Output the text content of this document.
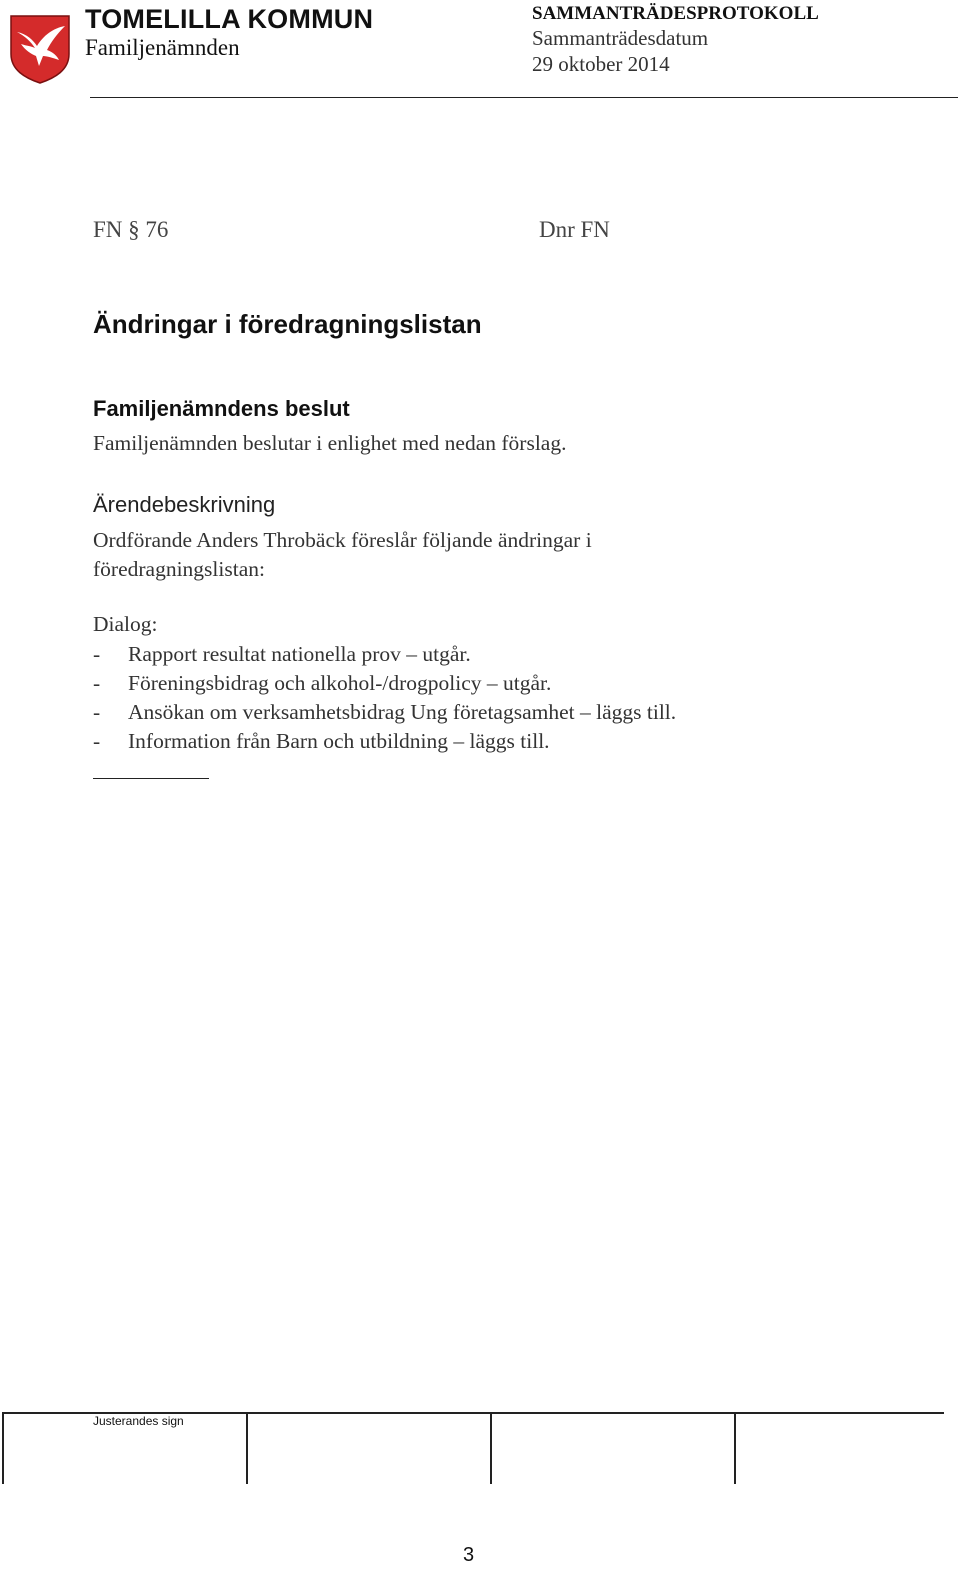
TOMELILLA KOMMUN
Familjenämnden
SAMMANTRÄDESPROTOKOLL
Sammanträdesdatum
29 oktober 2014
FN § 76	Dnr FN
Ändringar i föredragningslistan
Familjenämndens beslut
Familjenämnden beslutar i enlighet med nedan förslag.
Ärendebeskrivning
Ordförande Anders Throbäck föreslår följande ändringar i föredragningslistan:
Dialog:
- Rapport resultat nationella prov – utgår.
- Föreningsbidrag och alkohol-/drogpolicy – utgår.
- Ansökan om verksamhetsbidrag Ung företagsamhet – läggs till.
- Information från Barn och utbildning – läggs till.
Justerandes sign
3
